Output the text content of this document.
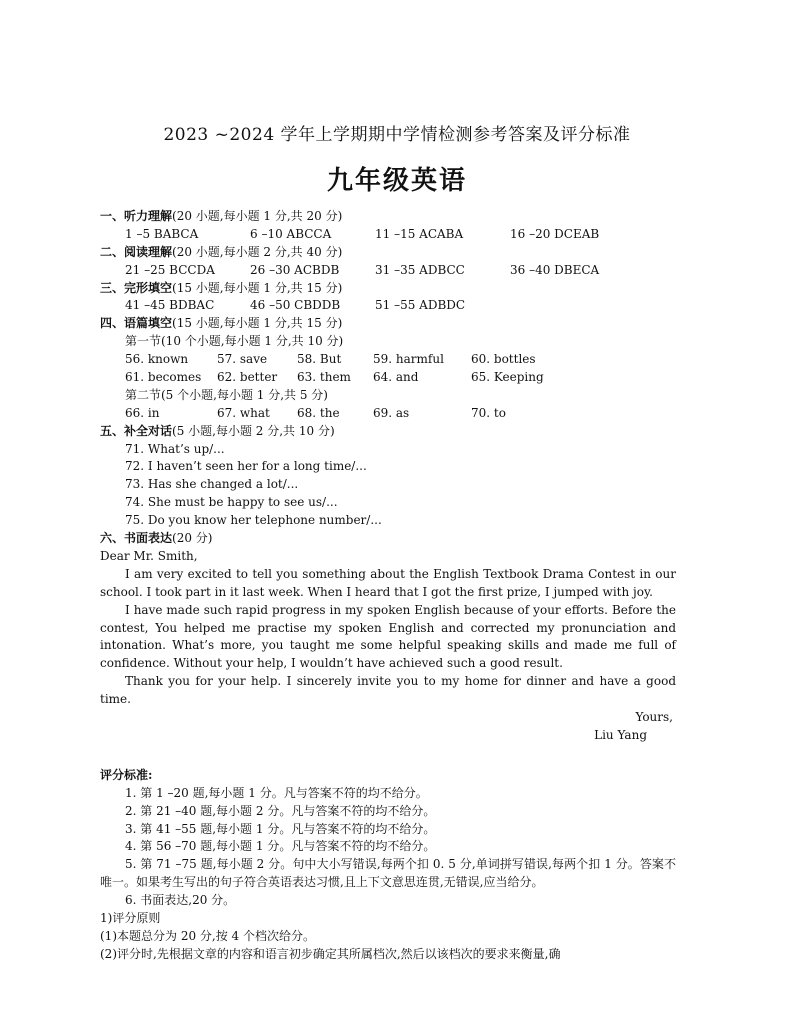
2023 ~2024 学年上学期期中学情检测参考答案及评分标准
九年级英语
一、听力理解(20 小题,每小题 1 分,共 20 分)
1 –5 BABCA	6 –10 ABCCA	11 –15 ACABA	16 –20 DCEAB
二、阅读理解(20 小题,每小题 2 分,共 40 分)
21 –25 BCCDA	26 –30 ACBDB	31 –35 ADBCC	36 –40 DBECA
三、完形填空(15 小题,每小题 1 分,共 15 分)
41 –45 BDBAC	46 –50 CBDDB	51 –55 ADBDC
四、语篇填空(15 小题,每小题 1 分,共 15 分)
第一节(10 个小题,每小题 1 分,共 10 分)
56. known 57. save 58. But	59. harmful 60. bottles
61. becomes 62. better 63. them 64. and	65. Keeping
第二节(5 个小题,每小题 1 分,共 5 分)
66. in	67. what 68. the	69. as	70. to
五、补全对话(5 小题,每小题 2 分,共 10 分)
71. What’s up/...
72. I haven’t seen her for a long time/...
73. Has she changed a lot/...
74. She must be happy to see us/...
75. Do you know her telephone number/...
六、书面表达(20 分)
Dear Mr. Smith,
I am very excited to tell you something about the English Textbook Drama Contest in our school. I took part in it last week. When I heard that I got the first prize, I jumped with joy.
I have made such rapid progress in my spoken English because of your efforts. Before the contest, You helped me practise my spoken English and corrected my pronunciation and intonation. What’s more, you taught me some helpful speaking skills and made me full of confidence. Without your help, I wouldn’t have achieved such a good result.
Thank you for your help. I sincerely invite you to my home for dinner and have a good time.
Yours,
Liu Yang
评分标准:
1. 第 1 –20 题,每小题 1 分。凡与答案不符的均不给分。
2. 第 21 –40 题,每小题 2 分。凡与答案不符的均不给分。
3. 第 41 –55 题,每小题 1 分。凡与答案不符的均不给分。
4. 第 56 –70 题,每小题 1 分。凡与答案不符的均不给分。
5. 第 71 –75 题,每小题 2 分。句中大小写错误,每两个扣 0. 5 分,单词拼写错误,每两个扣 1 分。答案不唯一。如果考生写出的句子符合英语表达习惯,且上下文意思连贯,无错误,应当给分。
6. 书面表达,20 分。
1)评分原则
(1)本题总分为 20 分,按 4 个档次给分。
(2)评分时,先根据文章的内容和语言初步确定其所属档次,然后以该档次的要求来衡量,确
